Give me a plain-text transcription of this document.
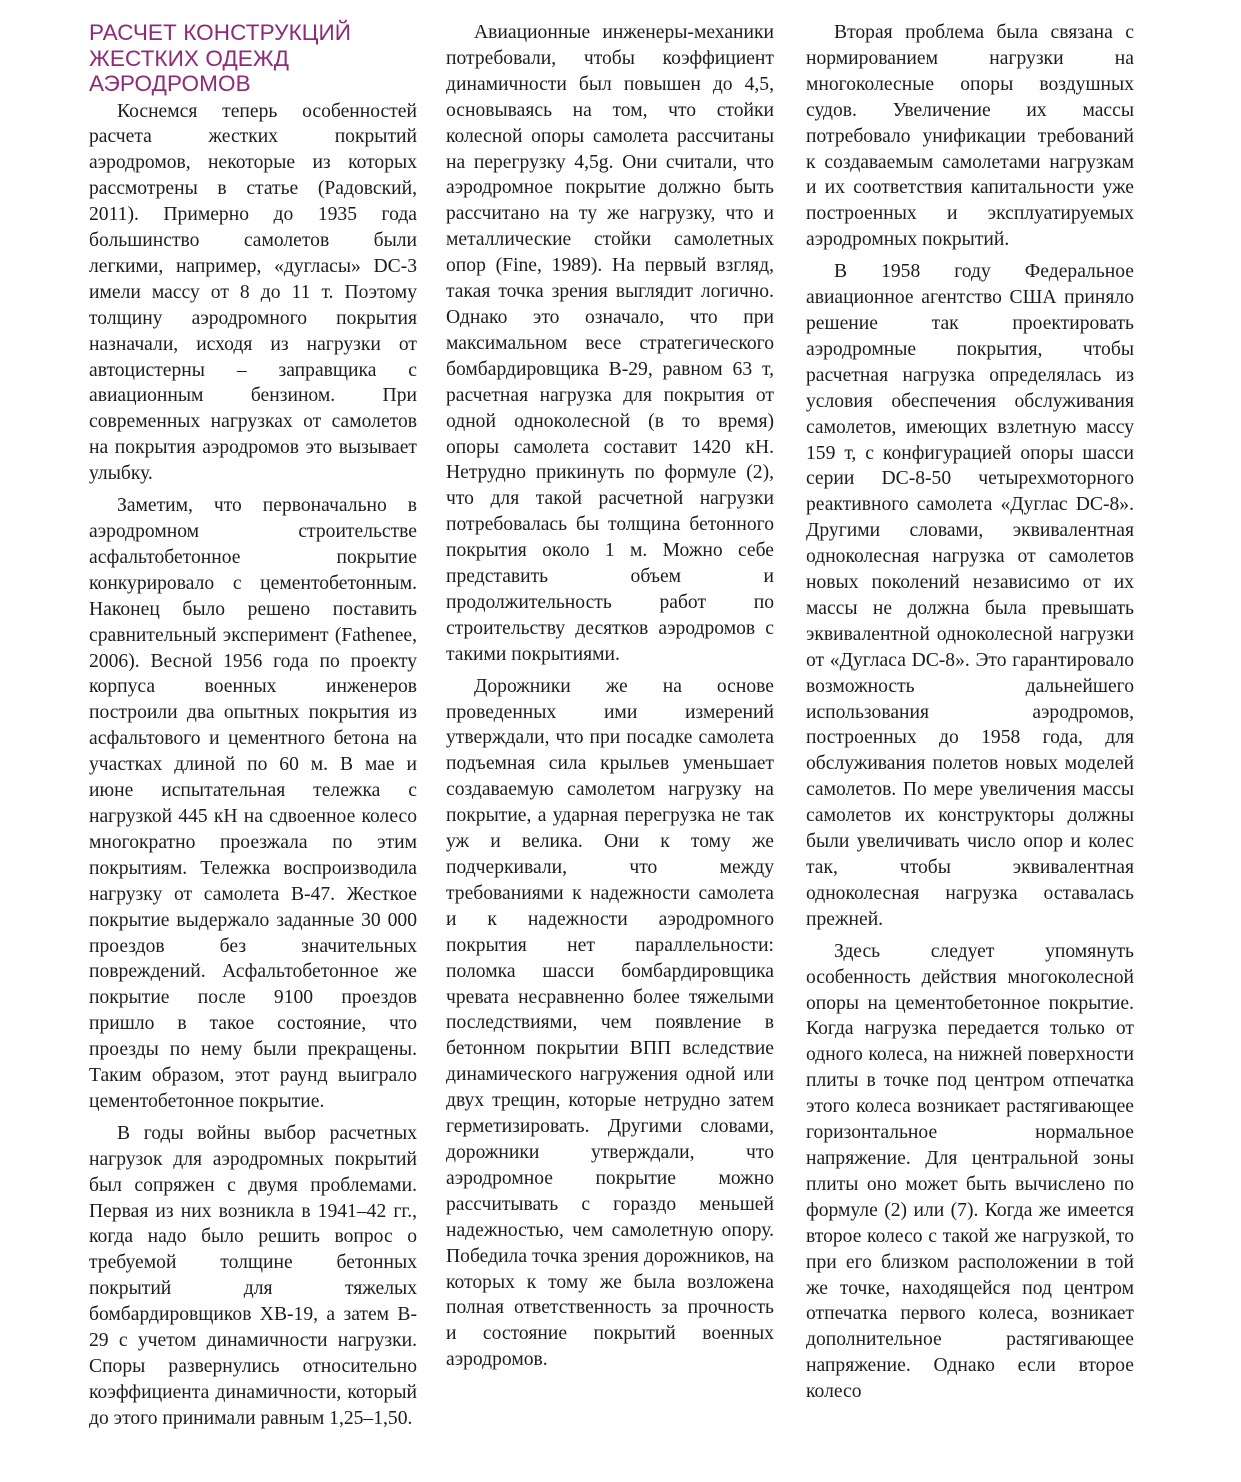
РАСЧЕТ КОНСТРУКЦИЙ ЖЕСТКИХ ОДЕЖД АЭРОДРОМОВ

Коснемся теперь особенностей расчета жестких покрытий аэродромов, некоторые из которых рассмотрены в статье (Радовский, 2011). Примерно до 1935 года большинство самолетов были легкими, например, «дугласы» DC-3 имели массу от 8 до 11 т. Поэтому толщину аэродромного покрытия назначали, исходя из нагрузки от автоцистерны – заправщика с авиационным бензином. При современных нагрузках от самолетов на покрытия аэродромов это вызывает улыбку.

Заметим, что первоначально в аэродромном строительстве асфальтобетонное покрытие конкурировало с цементобетонным. Наконец было решено поставить сравнительный эксперимент (Fathenee, 2006). Весной 1956 года по проекту корпуса военных инженеров построили два опытных покрытия из асфальтового и цементного бетона на участках длиной по 60 м. В мае и июне испытательная тележка с нагрузкой 445 кН на сдвоенное колесо многократно проезжала по этим покрытиям. Тележка воспроизводила нагрузку от самолета B-47. Жесткое покрытие выдержало заданные 30 000 проездов без значительных повреждений. Асфальтобетонное же покрытие после 9100 проездов пришло в такое состояние, что проезды по нему были прекращены. Таким образом, этот раунд выиграло цементобетонное покрытие.

В годы войны выбор расчетных нагрузок для аэродромных покрытий был сопряжен с двумя проблемами. Первая из них возникла в 1941–42 гг., когда надо было решить вопрос о требуемой толщине бетонных покрытий для тяжелых бомбардировщиков ХВ-19, а затем B-29 с учетом динамичности нагрузки. Споры развернулись относительно коэффициента динамичности, который до этого принимали равным 1,25–1,50.

Авиационные инженеры-механики потребовали, чтобы коэффициент динамичности был повышен до 4,5, основываясь на том, что стойки колесной опоры самолета рассчитаны на перегрузку 4,5g. Они считали, что аэродромное покрытие должно быть рассчитано на ту же нагрузку, что и металлические стойки самолетных опор (Fine, 1989). На первый взгляд, такая точка зрения выглядит логично. Однако это означало, что при максимальном весе стратегического бомбардировщика B-29, равном 63 т, расчетная нагрузка для покрытия от одной одноколесной (в то время) опоры самолета составит 1420 кН. Нетрудно прикинуть по формуле (2), что для такой расчетной нагрузки потребовалась бы толщина бетонного покрытия около 1 м. Можно себе представить объем и продолжительность работ по строительству десятков аэродромов с такими покрытиями.

Дорожники же на основе проведенных ими измерений утверждали, что при посадке самолета подъемная сила крыльев уменьшает создаваемую самолетом нагрузку на покрытие, а ударная перегрузка не так уж и велика. Они к тому же подчеркивали, что между требованиями к надежности самолета и к надежности аэродромного покрытия нет параллельности: поломка шасси бомбардировщика чревата несравненно более тяжелыми последствиями, чем появление в бетонном покрытии ВПП вследствие динамического нагружения одной или двух трещин, которые нетрудно затем герметизировать. Другими словами, дорожники утверждали, что аэродромное покрытие можно рассчитывать с гораздо меньшей надежностью, чем самолетную опору. Победила точка зрения дорожников, на которых к тому же была возложена полная ответственность за прочность и состояние покрытий военных аэродромов.

Вторая проблема была связана с нормированием нагрузки на многоколесные опоры воздушных судов. Увеличение их массы потребовало унификации требований к создаваемым самолетами нагрузкам и их соответствия капитальности уже построенных и эксплуатируемых аэродромных покрытий.

В 1958 году Федеральное авиационное агентство США приняло решение так проектировать аэродромные покрытия, чтобы расчетная нагрузка определялась из условия обеспечения обслуживания самолетов, имеющих взлетную массу 159 т, с конфигурацией опоры шасси серии DC-8-50 четырехмоторного реактивного самолета «Дуглас DC-8». Другими словами, эквивалентная одноколесная нагрузка от самолетов новых поколений независимо от их массы не должна была превышать эквивалентной одноколесной нагрузки от «Дугласа DC-8». Это гарантировало возможность дальнейшего использования аэродромов, построенных до 1958 года, для обслуживания полетов новых моделей самолетов. По мере увеличения массы самолетов их конструкторы должны были увеличивать число опор и колес так, чтобы эквивалентная одноколесная нагрузка оставалась прежней.

Здесь следует упомянуть особенность действия многоколесной опоры на цементобетонное покрытие. Когда нагрузка передается только от одного колеса, на нижней поверхности плиты в точке под центром отпечатка этого колеса возникает растягивающее горизонтальное нормальное напряжение. Для центральной зоны плиты оно может быть вычислено по формуле (2) или (7). Когда же имеется второе колесо с такой же нагрузкой, то при его близком расположении в той же точке, находящейся под центром отпечатка первого колеса, возникает дополнительное растягивающее напряжение. Однако если второе колесо
